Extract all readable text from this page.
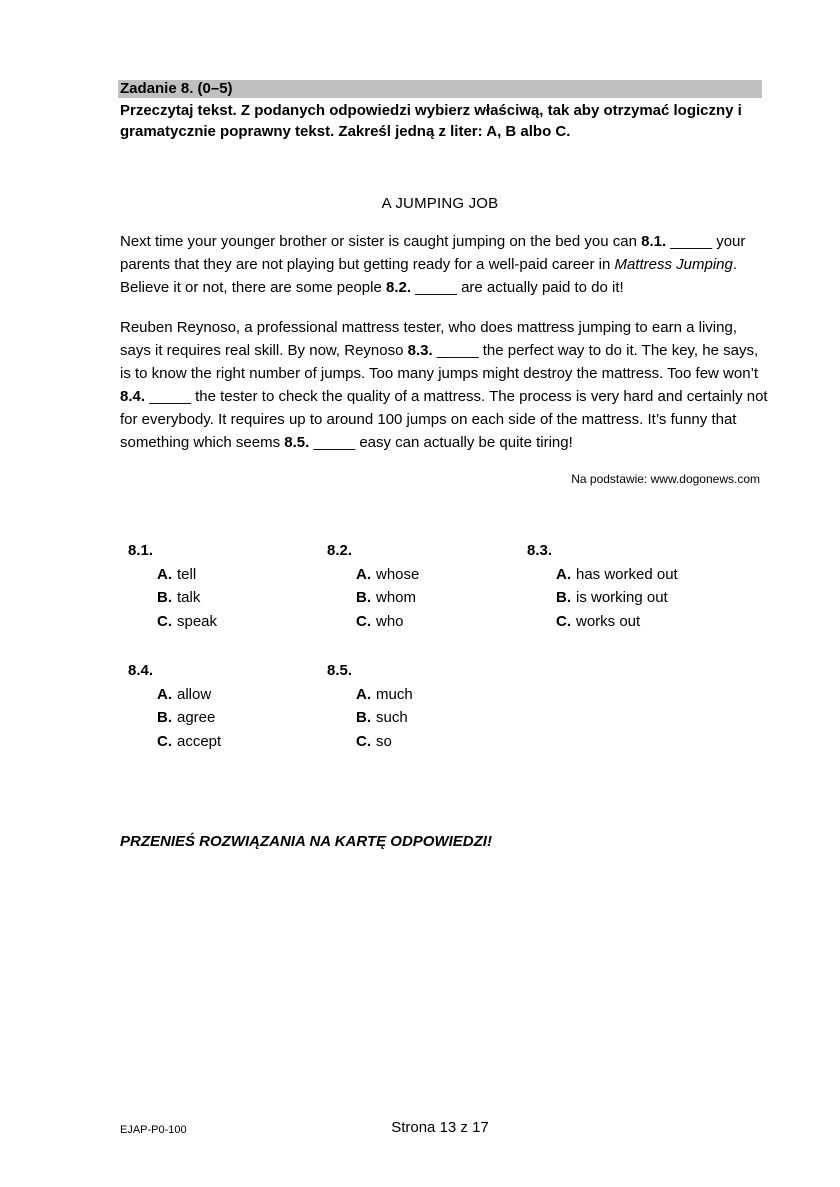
Zadanie 8. (0–5)
Przeczytaj tekst. Z podanych odpowiedzi wybierz właściwą, tak aby otrzymać logiczny i gramatycznie poprawny tekst. Zakreśl jedną z liter: A, B albo C.
A JUMPING JOB
Next time your younger brother or sister is caught jumping on the bed you can 8.1. _____ your parents that they are not playing but getting ready for a well-paid career in Mattress Jumping. Believe it or not, there are some people 8.2. _____ are actually paid to do it!
Reuben Reynoso, a professional mattress tester, who does mattress jumping to earn a living, says it requires real skill. By now, Reynoso 8.3. _____ the perfect way to do it. The key, he says, is to know the right number of jumps. Too many jumps might destroy the mattress. Too few won’t 8.4. _____ the tester to check the quality of a mattress. The process is very hard and certainly not for everybody. It requires up to around 100 jumps on each side of the mattress. It’s funny that something which seems 8.5. _____ easy can actually be quite tiring!
Na podstawie: www.dogonews.com
8.1.
A. tell
B. talk
C. speak
8.2.
A. whose
B. whom
C. who
8.3.
A. has worked out
B. is working out
C. works out
8.4.
A. allow
B. agree
C. accept
8.5.
A. much
B. such
C. so
PRZENIEŚ ROZWIĄZANIA NA KARTĘ ODPOWIEDZI!
EJAP-P0-100	Strona 13 z 17
